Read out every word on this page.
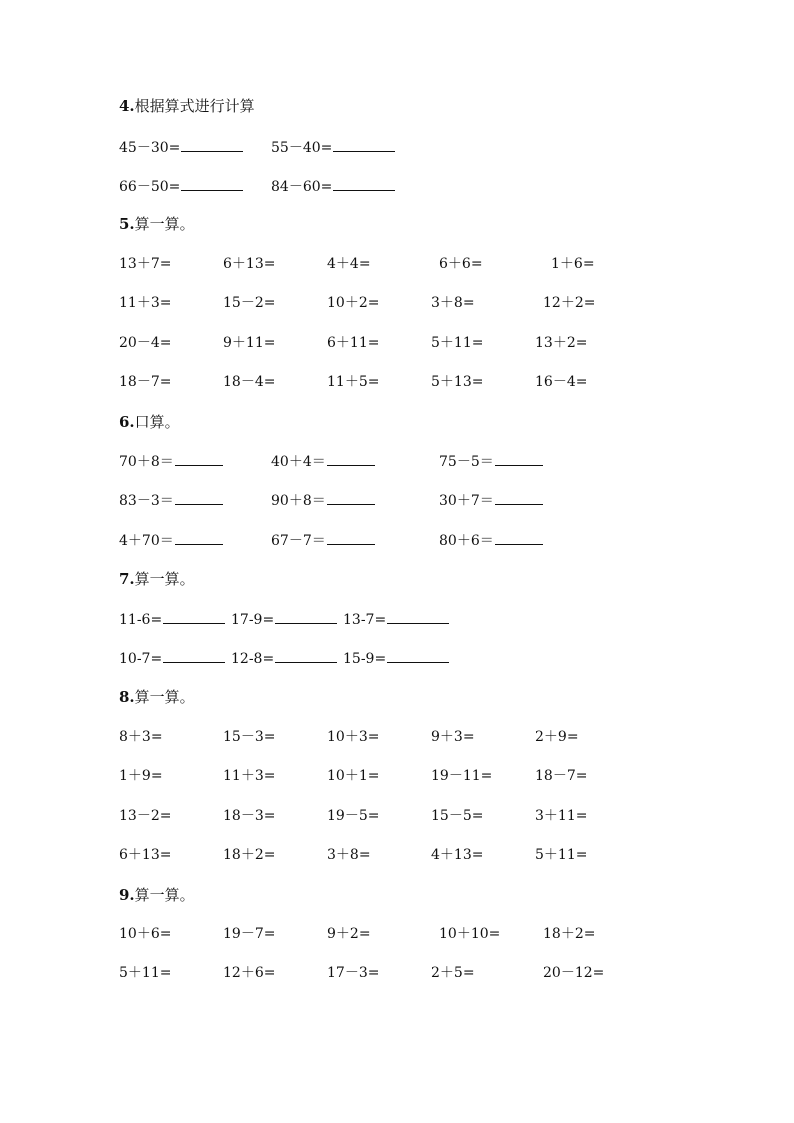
4.根据算式进行计算
45－30=	55－40=
66－50=	84－60=
5.算一算。
13＋7=	6＋13=	4＋4=	6＋6=	1＋6=
11＋3=	15－2=	10＋2=	3＋8=	12＋2=
20－4=	9＋11=	6＋11=	5＋11=	13＋2=
18－7=	18－4=	11＋5=	5＋13=	16－4=
6.口算。
70＋8＝	40＋4＝	75－5＝
83－3＝	90＋8＝	30＋7＝
4＋70＝	67－7＝	80＋6＝
7.算一算。
11-6=	17-9=	13-7=
10-7=	12-8=	15-9=
8.算一算。
8＋3=	15－3=	10＋3=	9＋3=	2＋9=
1＋9=	11＋3=	10＋1=	19－11=	18－7=
13－2=	18－3=	19－5=	15－5=	3＋11=
6＋13=	18＋2=	3＋8=	4＋13=	5＋11=
9.算一算。
10＋6=	19－7=	9＋2=	10＋10=	18＋2=
5＋11=	12＋6=	17－3=	2＋5=	20－12=
